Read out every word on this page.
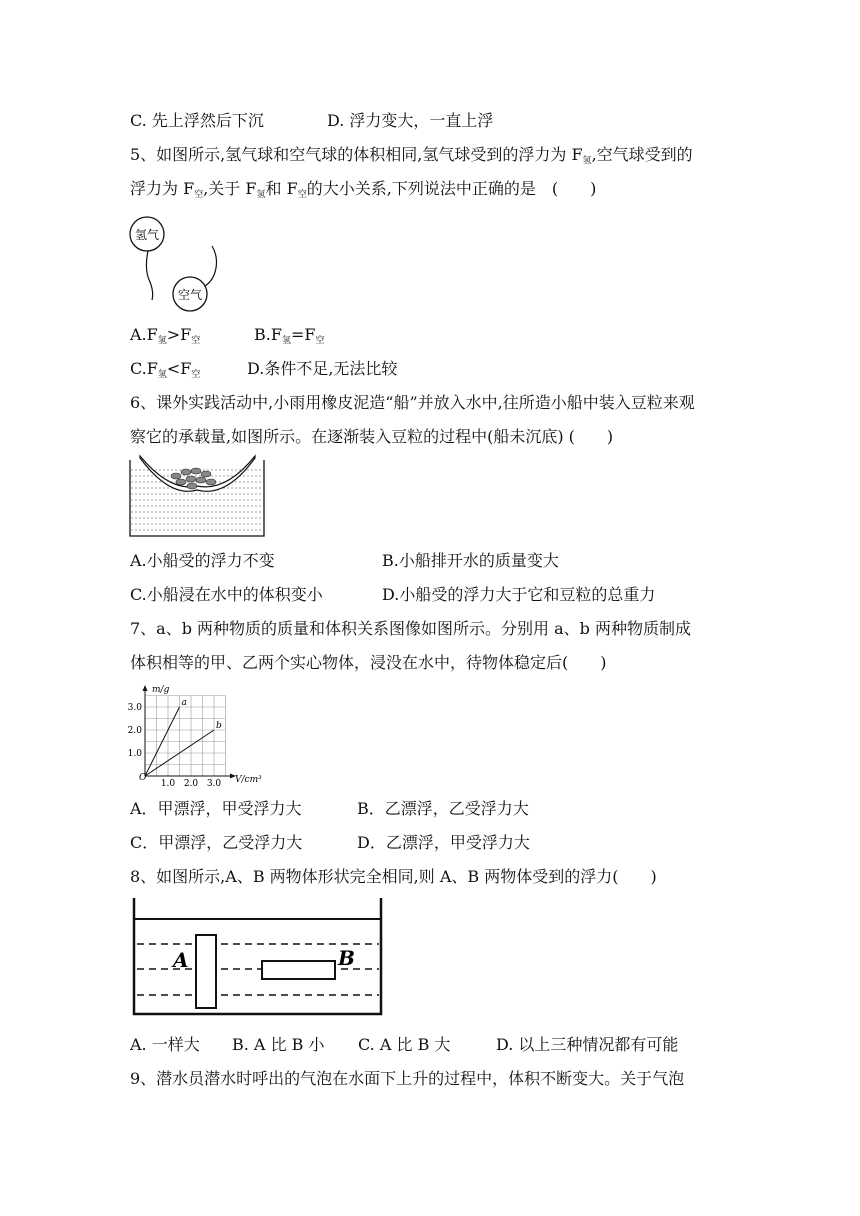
C. 先上浮然后下沉	D. 浮力变大，一直上浮
5、如图所示,氢气球和空气球的体积相同,氢气球受到的浮力为 F氢,空气球受到的
浮力为 F空,关于 F氢和 F空的大小关系,下列说法中正确的是　(　　)
氢气
空气
A.F氢>F空	B.F氢=F空
C.F氢<F空	D.条件不足,无法比较
6、课外实践活动中,小雨用橡皮泥造“船”并放入水中,往所造小船中装入豆粒来观
察它的承载量,如图所示。在逐渐装入豆粒的过程中(船未沉底) (　　)
A.小船受的浮力不变	B.小船排开水的质量变大
C.小船浸在水中的体积变小	D.小船受的浮力大于它和豆粒的总重力
7、a、b 两种物质的质量和体积关系图像如图所示。分别用 a、b 两种物质制成
体积相等的甲、乙两个实心物体，浸没在水中，待物体稳定后(　　)
m/g
V/cm³
O
1.0 2.0 3.0
1.0
2.0
3.0	a
b
A．甲漂浮，甲受浮力大	B．乙漂浮，乙受浮力大
C．甲漂浮，乙受浮力大	D．乙漂浮，甲受浮力大
8、如图所示,A、B 两物体形状完全相同,则 A、B 两物体受到的浮力(　　)
A	B
A. 一样大 B. A 比 B 小 C. A 比 B 大	D. 以上三种情况都有可能
9、潜水员潜水时呼出的气泡在水面下上升的过程中，体积不断变大。关于气泡
